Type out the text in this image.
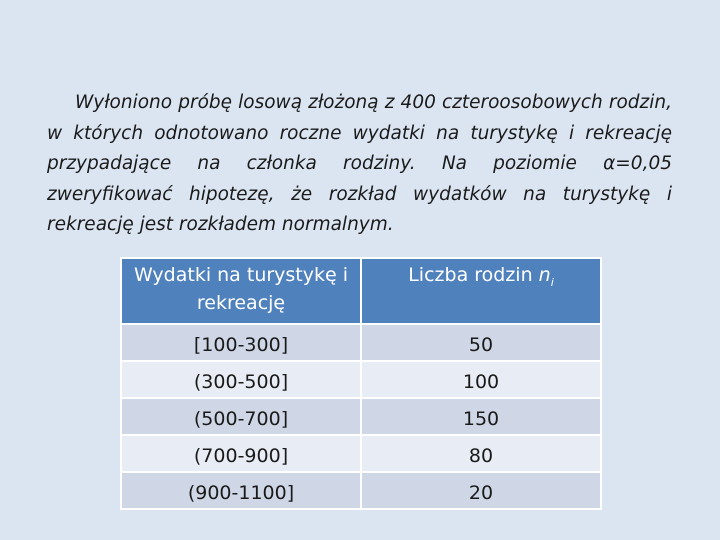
Wyłoniono próbę losową złożoną z 400 czteroosobowych rodzin, w których odnotowano roczne wydatki na turystykę i rekreację przypadające na członka rodziny. Na poziomie α=0,05 zweryfikować hipotezę, że rozkład wydatków na turystykę i rekreację jest rozkładem normalnym.

Wydatki na turystykę i rekreację	Liczba rodzin $n_i$
[100-300]	50
(300-500]	100
(500-700]	150
(700-900]	80
(900-1100]	20
